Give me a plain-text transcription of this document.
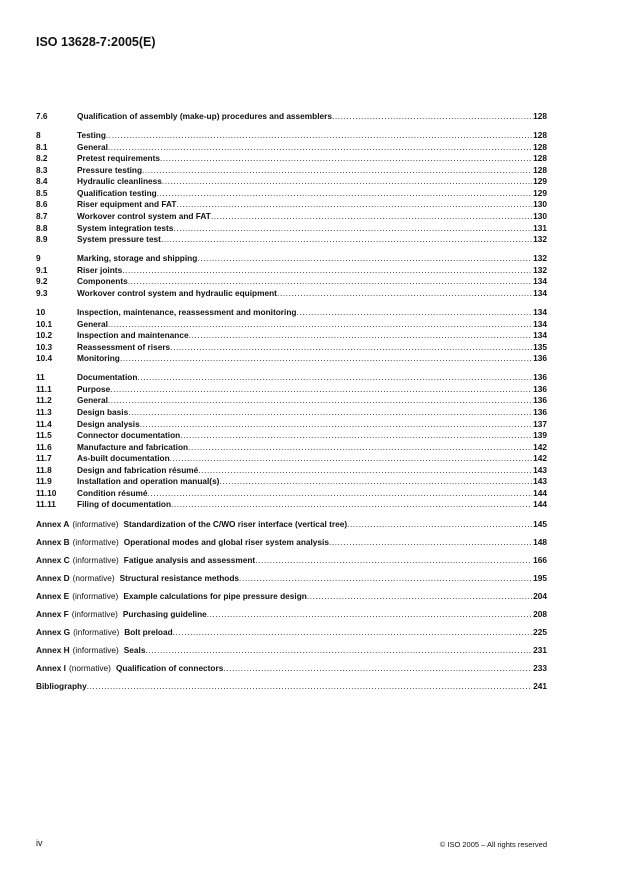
ISO 13628-7:2005(E)
7.6	Qualification of assembly (make-up) procedures and assemblers .....	128
8	Testing .....	128
8.1	General .....	128
8.2	Pretest requirements .....	128
8.3	Pressure testing .....	128
8.4	Hydraulic cleanliness .....	129
8.5	Qualification testing .....	129
8.6	Riser equipment and FAT .....	130
8.7	Workover control system and FAT .....	130
8.8	System integration tests .....	131
8.9	System pressure test .....	132
9	Marking, storage and shipping .....	132
9.1	Riser joints .....	132
9.2	Components .....	134
9.3	Workover control system and hydraulic equipment .....	134
10	Inspection, maintenance, reassessment and monitoring .....	134
10.1	General .....	134
10.2	Inspection and maintenance .....	134
10.3	Reassessment of risers .....	135
10.4	Monitoring .....	136
11	Documentation .....	136
11.1	Purpose .....	136
11.2	General .....	136
11.3	Design basis .....	136
11.4	Design analysis .....	137
11.5	Connector documentation .....	139
11.6	Manufacture and fabrication .....	142
11.7	As-built documentation .....	142
11.8	Design and fabrication résumé .....	143
11.9	Installation and operation manual(s) .....	143
11.10	Condition résumé .....	144
11.11	Filing of documentation .....	144
Annex A (informative) Standardization of the C/WO riser interface (vertical tree) .....	145
Annex B (informative) Operational modes and global riser system analysis .....	148
Annex C (informative) Fatigue analysis and assessment .....	166
Annex D (normative) Structural resistance methods .....	195
Annex E (informative) Example calculations for pipe pressure design .....	204
Annex F (informative) Purchasing guideline .....	208
Annex G (informative) Bolt preload .....	225
Annex H (informative) Seals .....	231
Annex I (normative) Qualification of connectors .....	233
Bibliography .....	241
iv	© ISO 2005 – All rights reserved
